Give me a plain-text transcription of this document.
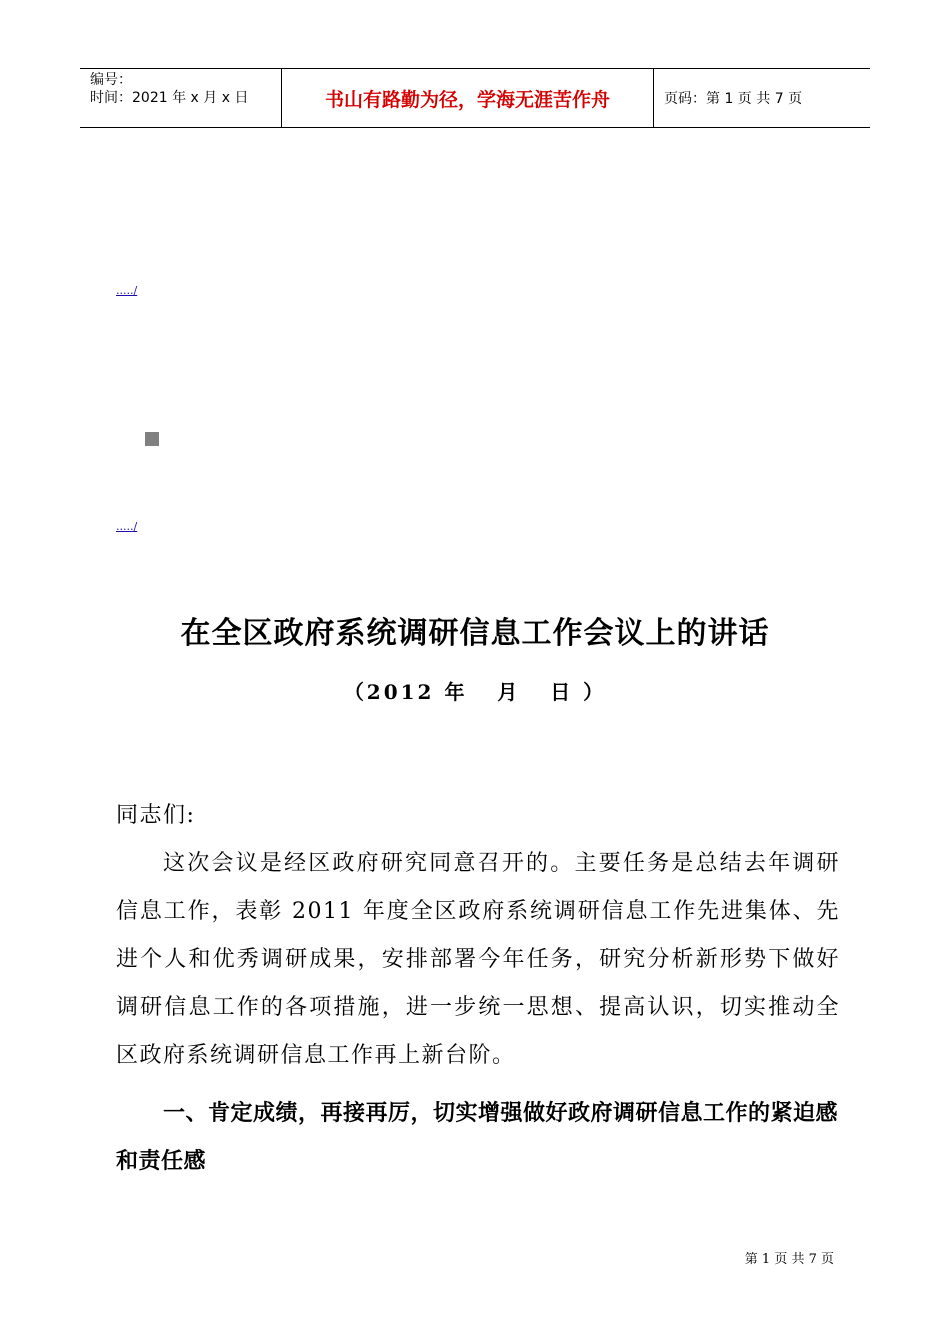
编号：
时间：2021 年 x 月 x 日	书山有路勤为径，学海无涯苦作舟	页码：第 1 页 共 7 页
...../
...../
在全区政府系统调研信息工作会议上的讲话
（2012 年   月   日 ）
同志们:
这次会议是经区政府研究同意召开的。主要任务是总结去年调研信息工作，表彰 2011 年度全区政府系统调研信息工作先进集体、先进个人和优秀调研成果，安排部署今年任务，研究分析新形势下做好调研信息工作的各项措施，进一步统一思想、提高认识，切实推动全区政府系统调研信息工作再上新台阶。
一、肯定成绩，再接再厉，切实增强做好政府调研信息工作的紧迫感和责任感
第 1 页 共 7 页
